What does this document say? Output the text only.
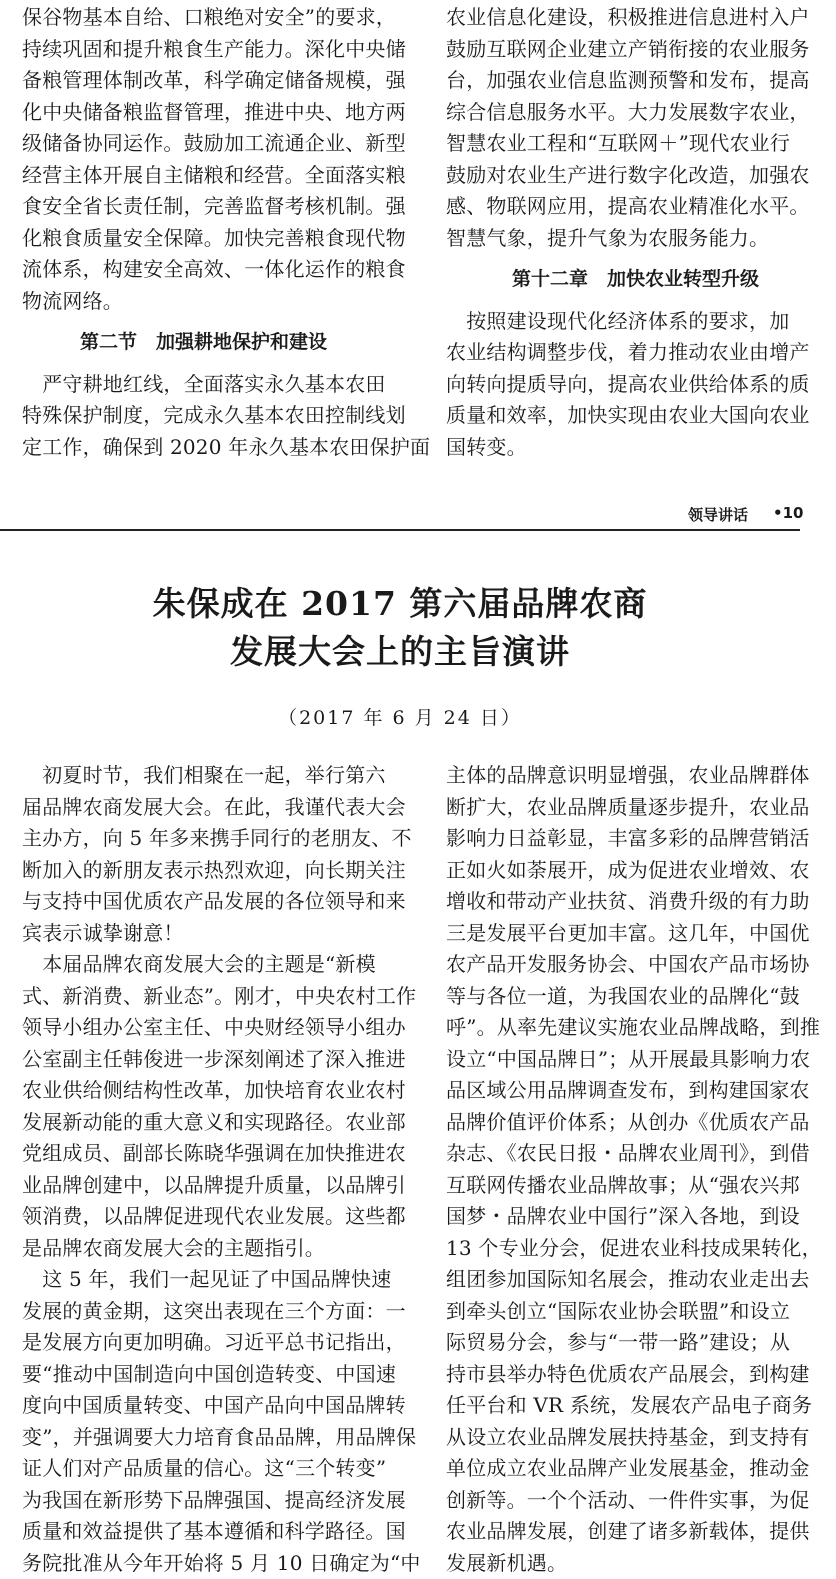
保谷物基本自给、口粮绝对安全”的要求，
持续巩固和提升粮食生产能力。深化中央储
备粮管理体制改革，科学确定储备规模，强
化中央储备粮监督管理，推进中央、地方两
级储备协同运作。鼓励加工流通企业、新型
经营主体开展自主储粮和经营。全面落实粮
食安全省长责任制，完善监督考核机制。强
化粮食质量安全保障。加快完善粮食现代物
流体系，构建安全高效、一体化运作的粮食
物流网络。
第二节　加强耕地保护和建设
　严守耕地红线，全面落实永久基本农田
特殊保护制度，完成永久基本农田控制线划
定工作，确保到 2020 年永久基本农田保护面
农业信息化建设，积极推进信息进村入户
鼓励互联网企业建立产销衔接的农业服务
台，加强农业信息监测预警和发布，提高
综合信息服务水平。大力发展数字农业，
智慧农业工程和“互联网＋”现代农业行
鼓励对农业生产进行数字化改造，加强农
感、物联网应用，提高农业精准化水平。
智慧气象，提升气象为农服务能力。
第十二章　加快农业转型升级
　按照建设现代化经济体系的要求，加
农业结构调整步伐，着力推动农业由增产
向转向提质导向，提高农业供给体系的质
质量和效率，加快实现由农业大国向农业
国转变。
领导讲话 •10
朱保成在 2017 第六届品牌农商
发展大会上的主旨演讲
（2017 年 6 月 24 日）
　初夏时节，我们相聚在一起，举行第六
届品牌农商发展大会。在此，我谨代表大会
主办方，向 5 年多来携手同行的老朋友、不
断加入的新朋友表示热烈欢迎，向长期关注
与支持中国优质农产品发展的各位领导和来
宾表示诚挚谢意！
　本届品牌农商发展大会的主题是“新模
式、新消费、新业态”。刚才，中央农村工作
领导小组办公室主任、中央财经领导小组办
公室副主任韩俊进一步深刻阐述了深入推进
农业供给侧结构性改革，加快培育农业农村
发展新动能的重大意义和实现路径。农业部
党组成员、副部长陈晓华强调在加快推进农
业品牌创建中，以品牌提升质量，以品牌引
领消费，以品牌促进现代农业发展。这些都
是品牌农商发展大会的主题指引。
　这 5 年，我们一起见证了中国品牌快速
发展的黄金期，这突出表现在三个方面：一
是发展方向更加明确。习近平总书记指出，
要“推动中国制造向中国创造转变、中国速
度向中国质量转变、中国产品向中国品牌转
变”，并强调要大力培育食品品牌，用品牌保
证人们对产品质量的信心。这“三个转变”
为我国在新形势下品牌强国、提高经济发展
质量和效益提供了基本遵循和科学路径。国
务院批准从今年开始将 5 月 10 日确定为“中
主体的品牌意识明显增强，农业品牌群体
断扩大，农业品牌质量逐步提升，农业品
影响力日益彰显，丰富多彩的品牌营销活
正如火如荼展开，成为促进农业增效、农
增收和带动产业扶贫、消费升级的有力助
三是发展平台更加丰富。这几年，中国优
农产品开发服务协会、中国农产品市场协
等与各位一道，为我国农业的品牌化“鼓
呼”。从率先建议实施农业品牌战略，到推
设立“中国品牌日”；从开展最具影响力农
品区域公用品牌调查发布，到构建国家农
品牌价值评价体系；从创办《优质农产品
杂志、《农民日报・品牌农业周刊》，到借
互联网传播农业品牌故事；从“强农兴邦
国梦・品牌农业中国行”深入各地，到设
13 个专业分会，促进农业科技成果转化，
组团参加国际知名展会，推动农业走出去
到牵头创立“国际农业协会联盟”和设立
际贸易分会，参与“一带一路”建设；从
持市县举办特色优质农产品展会，到构建
任平台和 VR 系统，发展农产品电子商务
从设立农业品牌发展扶持基金，到支持有
单位成立农业品牌产业发展基金，推动金
创新等。一个个活动、一件件实事，为促
农业品牌发展，创建了诸多新载体，提供
发展新机遇。
